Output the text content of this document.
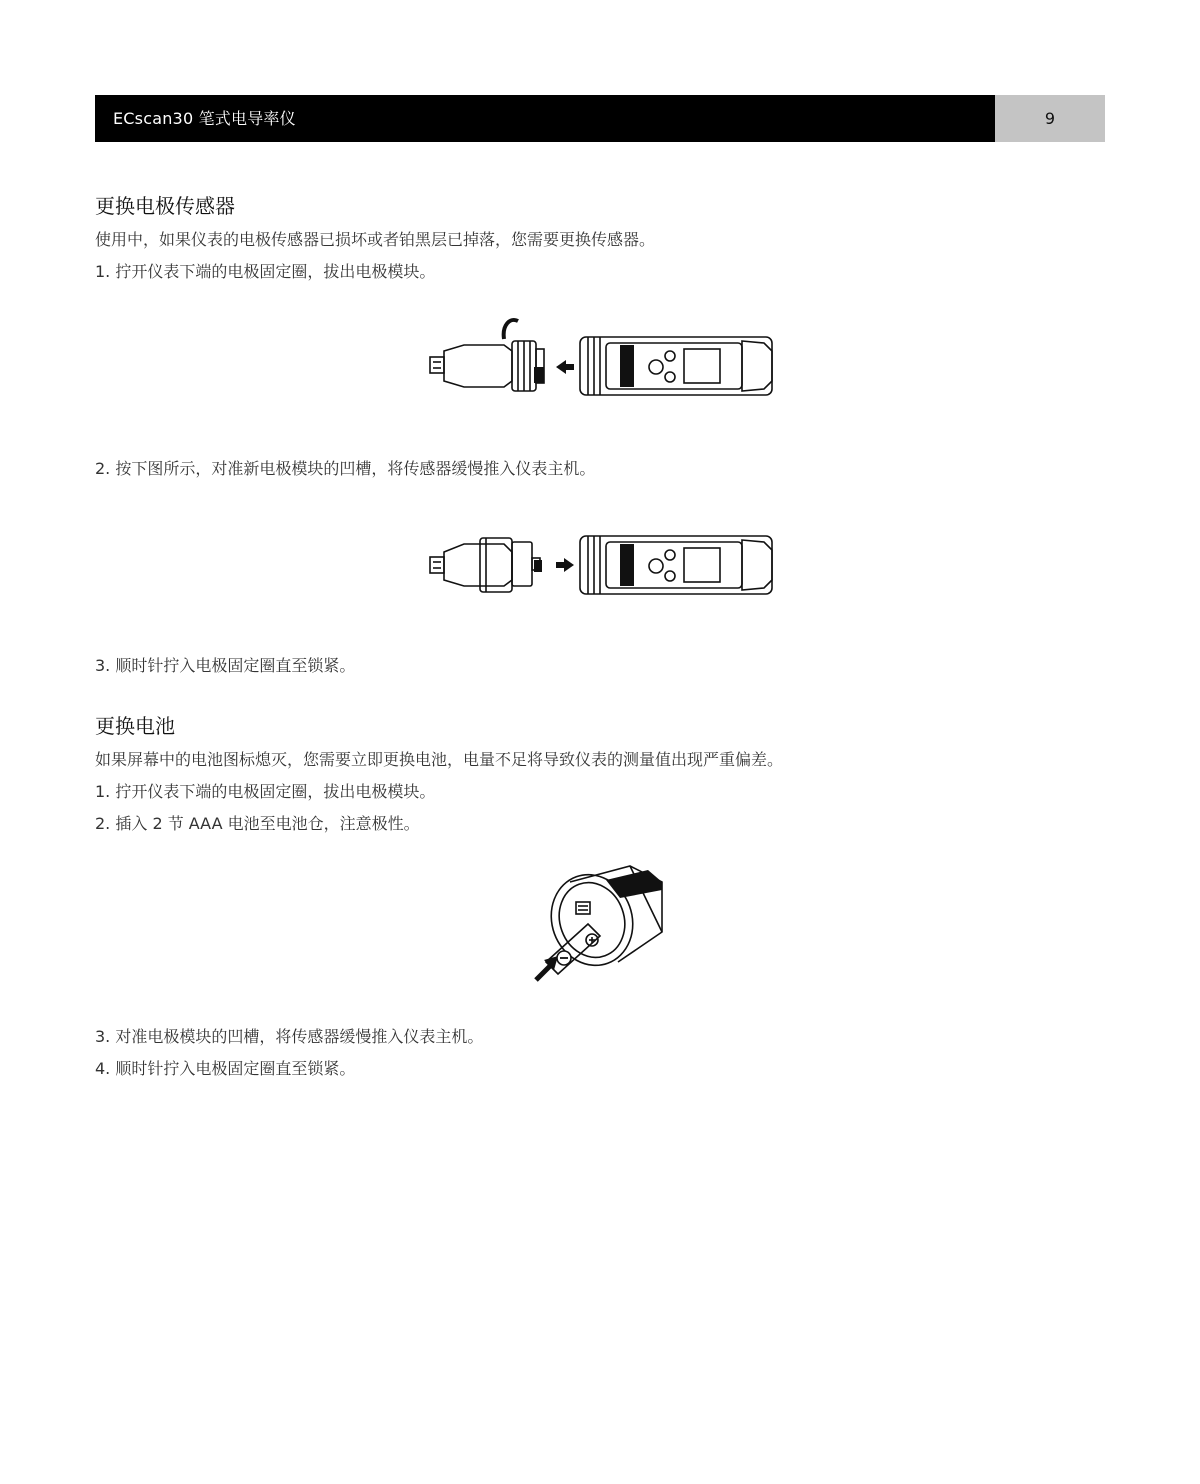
ECscan30 笔式电导率仪	9
更换电极传感器
使用中，如果仪表的电极传感器已损坏或者铂黑层已掉落，您需要更换传感器。
1. 拧开仪表下端的电极固定圈，拔出电极模块。
2. 按下图所示，对准新电极模块的凹槽，将传感器缓慢推入仪表主机。
3. 顺时针拧入电极固定圈直至锁紧。
更换电池
如果屏幕中的电池图标熄灭，您需要立即更换电池，电量不足将导致仪表的测量值出现严重偏差。
1. 拧开仪表下端的电极固定圈，拔出电极模块。
2. 插入 2 节 AAA 电池至电池仓，注意极性。
3. 对准电极模块的凹槽，将传感器缓慢推入仪表主机。
4. 顺时针拧入电极固定圈直至锁紧。
